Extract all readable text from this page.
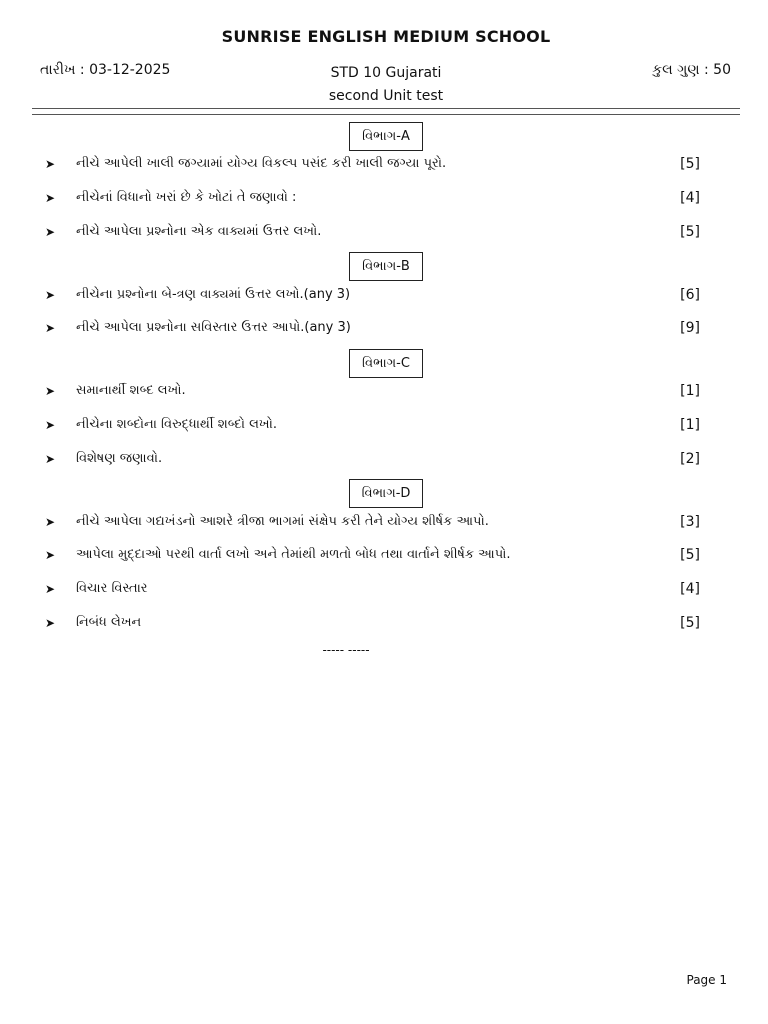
SUNRISE ENGLISH MEDIUM SCHOOL
તારીખ : 03-12-2025	STD 10 Gujarati
second Unit test
કુલ ગુણ : 50
વિભાગ-A
➤ નીચે આપેલી ખાલી જગ્યામાં યોગ્ય વિકલ્પ પસંદ કરી ખાલી જગ્યા પૂરો.	[5]
➤ નીચેનાં વિધાનો ખરાં છે કે ખોટાં તે જણાવો :	[4]
➤ નીચે આપેલા પ્રશ્નોના એક વાક્યમાં ઉત્તર લખો.	[5]
વિભાગ-B
➤ નીચેના પ્રશ્નોના બે-ત્રણ વાક્યમાં ઉત્તર લખો.(any 3)	[6]
➤ નીચે આપેલા પ્રશ્નોના સવિસ્તાર ઉત્તર આપો.(any 3)	[9]
વિભાગ-C
➤ સમાનાર્થી શબ્દ લખો.	[1]
➤ નીચેના શબ્દોના વિરુદ્ધાર્થી શબ્દો લખો.	[1]
➤ વિશેષણ જણાવો.	[2]
વિભાગ-D
➤ નીચે આપેલા ગદ્યખંડનો આશરે ત્રીજા ભાગમાં સંક્ષેપ કરી તેને યોગ્ય શીર્ષક આપો.	[3]
➤ આપેલા મુદ્દાઓ પરથી વાર્તા લખો અને તેમાંથી મળતો બોધ તથા વાર્તાને શીર્ષક આપો.	[5]
➤ વિચાર વિસ્તાર	[4]
➤ નિબંધ લેખન	[5]
----- -----
Page 1
